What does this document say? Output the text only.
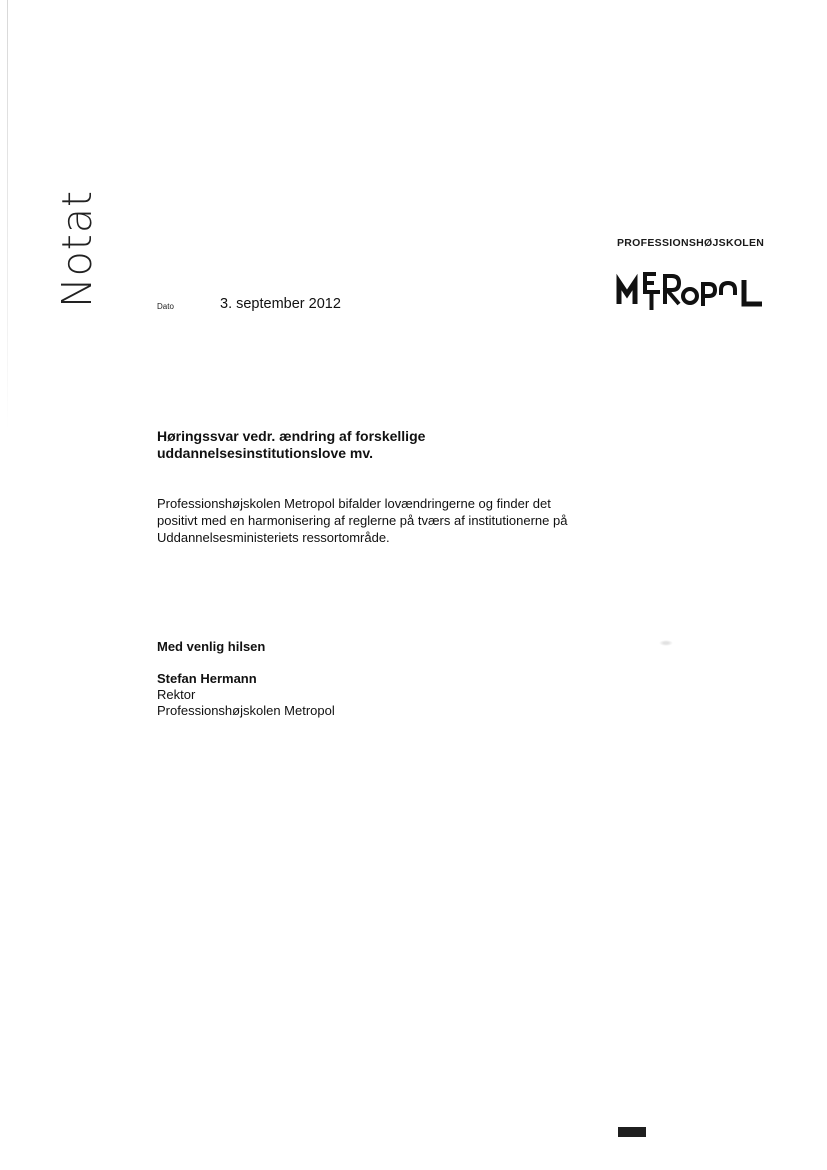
Notat	PROFESSIONSHØJSKOLEN
Dato	3. september 2012
Høringssvar vedr. ændring af forskellige
uddannelsesinstitutionslove mv.
Professionshøjskolen Metropol bifalder lovændringerne og finder det
positivt med en harmonisering af reglerne på tværs af institutionerne på
Uddannelsesministeriets ressortområde.
Med venlig hilsen
Stefan Hermann
Rektor
Professionshøjskolen Metropol
